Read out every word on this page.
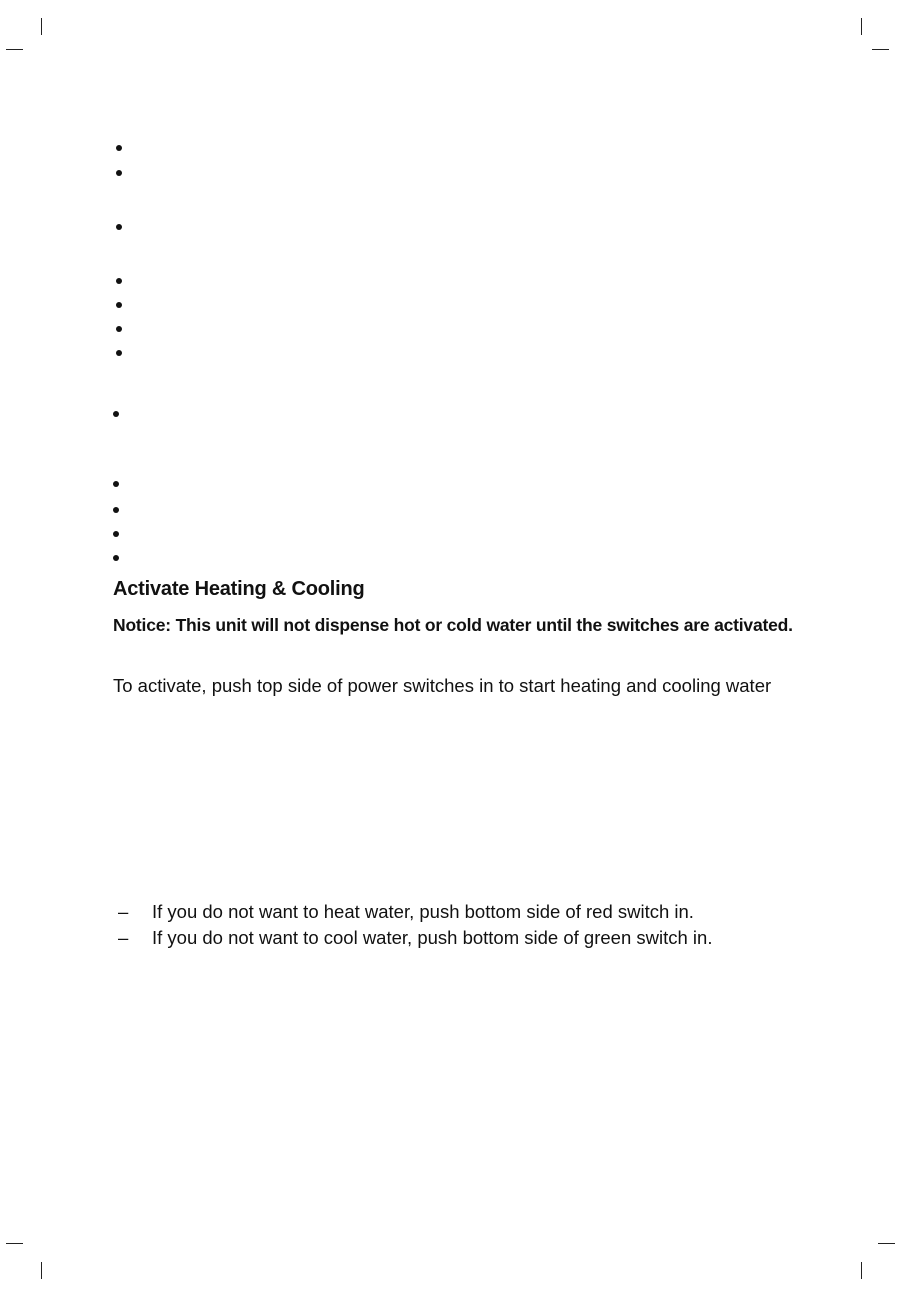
Activate Heating & Cooling

Notice: This unit will not dispense hot or cold water until the switches are activated.

To activate, push top side of power switches in to start heating and cooling water

– If you do not want to heat water, push bottom side of red switch in.
– If you do not want to cool water, push bottom side of green switch in.
